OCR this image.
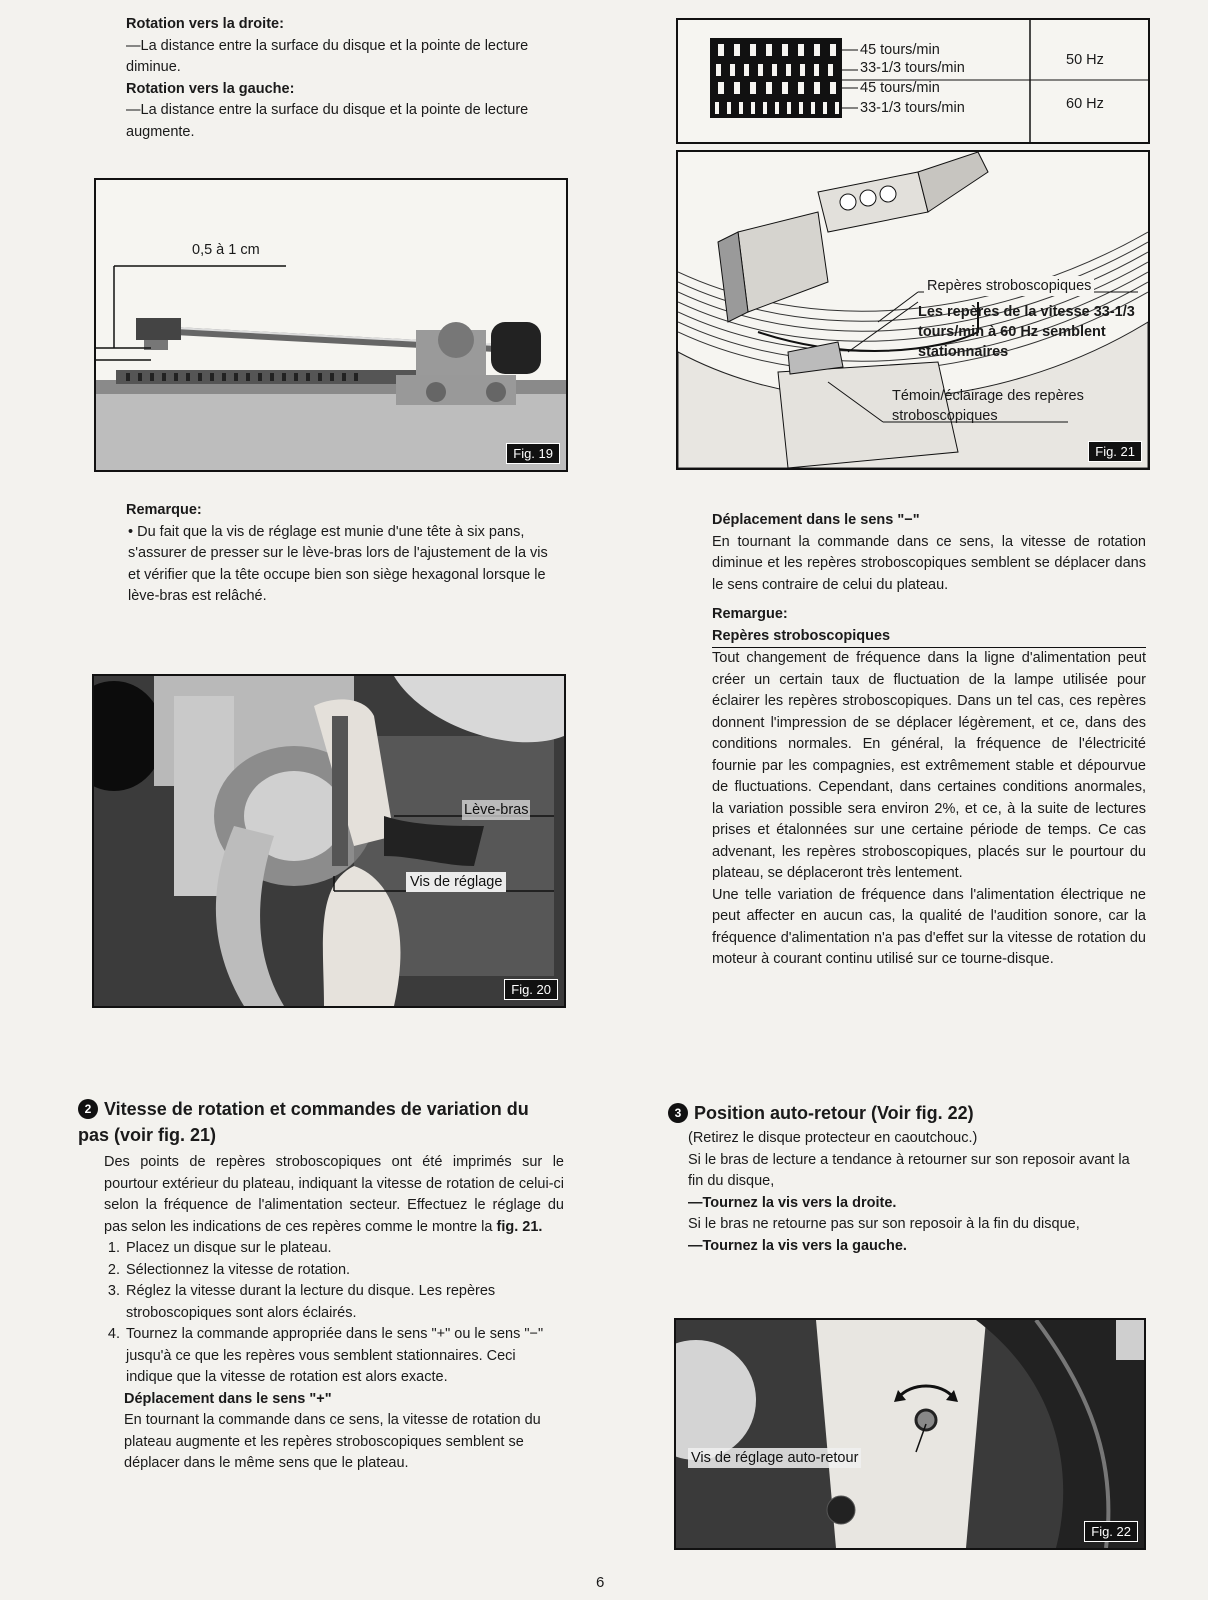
Rotation vers la droite:

—La distance entre la surface du disque et la pointe de lecture diminue.

Rotation vers la gauche:

—La distance entre la surface du disque et la pointe de lecture augmente.

0,5 à 1 cm
Fig. 19

Remarque:

• Du fait que la vis de réglage est munie d'une tête à six pans, s'assurer de presser sur le lève-bras lors de l'ajustement de la vis et vérifier que la tête occupe bien son siège hexagonal lorsque le lève-bras est relâché.

Lève-bras
Vis de réglage
Fig. 20
2 Vitesse de rotation et commandes de variation du pas (voir fig. 21)

Des points de repères stroboscopiques ont été imprimés sur le pourtour extérieur du plateau, indiquant la vitesse de rotation de celui-ci selon la fréquence de l'alimentation secteur. Effectuez le réglage du pas selon les indications de ces repères comme le montre la fig. 21.

1. Placez un disque sur le plateau.
2. Sélectionnez la vitesse de rotation.
3. Réglez la vitesse durant la lecture du disque. Les repères stroboscopiques sont alors éclairés.
4. Tournez la commande appropriée dans le sens "+" ou le sens "−" jusqu'à ce que les repères vous semblent stationnaires. Ceci indique que la vitesse de rotation est alors exacte.

Déplacement dans le sens "+"

En tournant la commande dans ce sens, la vitesse de rotation du plateau augmente et les repères stroboscopiques semblent se déplacer dans le même sens que le plateau.

45 tours/min
33-1/3 tours/min
45 tours/min
33-1/3 tours/min
50 Hz
60 Hz
Repères stroboscopiques
Les repères de la vitesse 33-1/3 tours/min à 60 Hz semblent stationnaires
Témoin/éclairage des repères stroboscopiques
Fig. 21

Déplacement dans le sens "−"

En tournant la commande dans ce sens, la vitesse de rotation diminue et les repères stroboscopiques semblent se déplacer dans le sens contraire de celui du plateau.

Remargue:

Repères stroboscopiques

Tout changement de fréquence dans la ligne d'alimentation peut créer un certain taux de fluctuation de la lampe utilisée pour éclairer les repères stroboscopiques. Dans un tel cas, ces repères donnent l'impression de se déplacer légèrement, et ce, dans des conditions normales. En général, la fréquence de l'électricité fournie par les compagnies, est extrêmement stable et dépourvue de fluctuations. Cependant, dans certaines conditions anormales, la variation possible sera environ 2%, et ce, à la suite de lectures prises et étalonnées sur une certaine période de temps. Ce cas advenant, les repères stroboscopiques, placés sur le pourtour du plateau, se déplaceront très lentement.

Une telle variation de fréquence dans l'alimentation électrique ne peut affecter en aucun cas, la qualité de l'audition sonore, car la fréquence d'alimentation n'a pas d'effet sur la vitesse de rotation du moteur à courant continu utilisé sur ce tourne-disque.

3 Position auto-retour (Voir fig. 22)

(Retirez le disque protecteur en caoutchouc.)

Si le bras de lecture a tendance à retourner sur son reposoir avant la fin du disque,

—Tournez la vis vers la droite.

Si le bras ne retourne pas sur son reposoir à la fin du disque,

—Tournez la vis vers la gauche.

Vis de réglage auto-retour
Fig. 22
6
